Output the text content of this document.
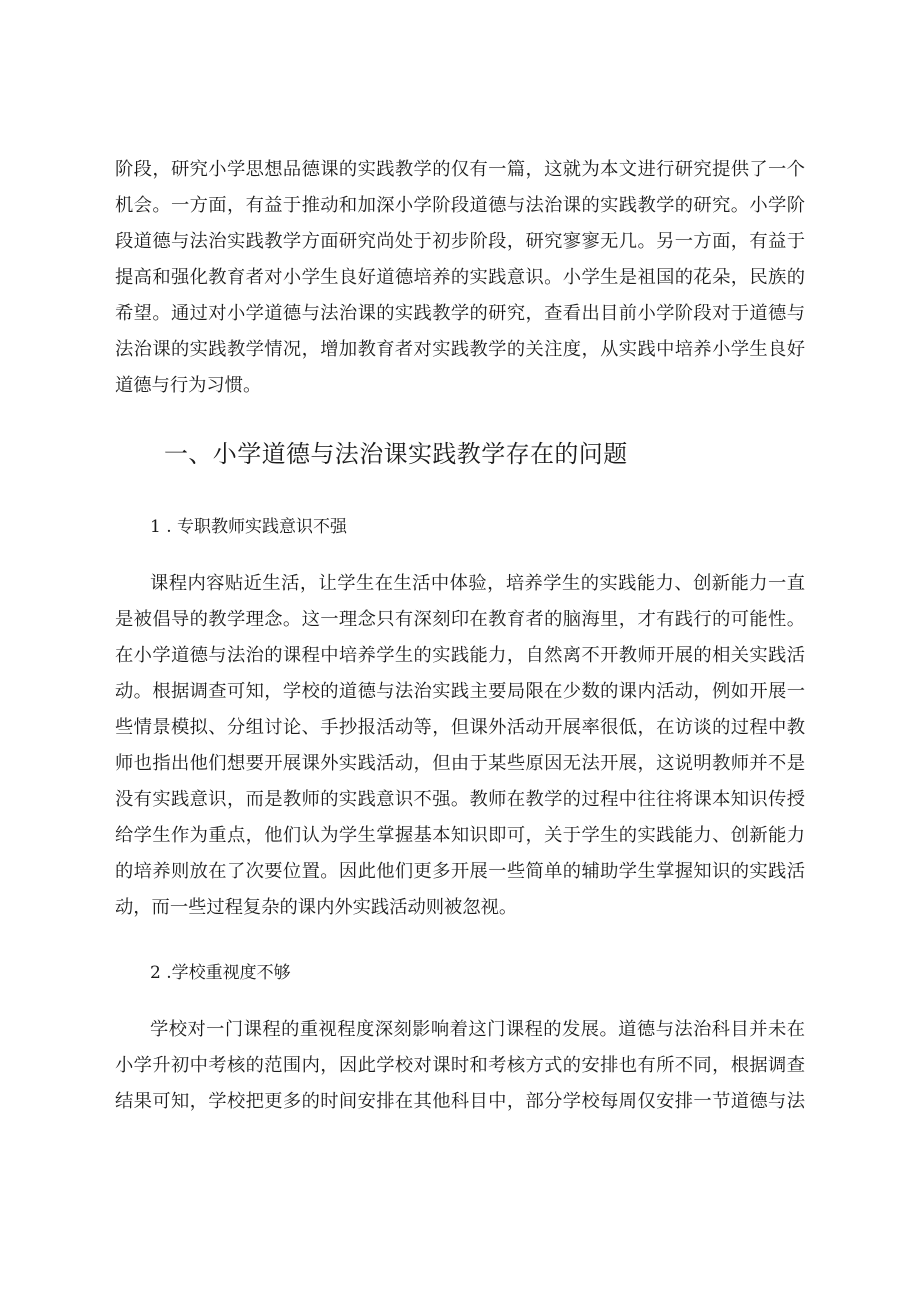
阶段，研究小学思想品德课的实践教学的仅有一篇，这就为本文进行研究提供了一个
机会。一方面，有益于推动和加深小学阶段道德与法治课的实践教学的研究。小学阶
段道德与法治实践教学方面研究尚处于初步阶段，研究寥寥无几。另一方面，有益于
提高和强化教育者对小学生良好道德培养的实践意识。小学生是祖国的花朵，民族的
希望。通过对小学道德与法治课的实践教学的研究，查看出目前小学阶段对于道德与
法治课的实践教学情况，增加教育者对实践教学的关注度，从实践中培养小学生良好
道德与行为习惯。
一、小学道德与法治课实践教学存在的问题
1 . 专职教师实践意识不强
课程内容贴近生活，让学生在生活中体验，培养学生的实践能力、创新能力一直
是被倡导的教学理念。这一理念只有深刻印在教育者的脑海里，才有践行的可能性。
在小学道德与法治的课程中培养学生的实践能力，自然离不开教师开展的相关实践活
动。根据调查可知，学校的道德与法治实践主要局限在少数的课内活动，例如开展一
些情景模拟、分组讨论、手抄报活动等，但课外活动开展率很低，在访谈的过程中教
师也指出他们想要开展课外实践活动，但由于某些原因无法开展，这说明教师并不是
没有实践意识，而是教师的实践意识不强。教师在教学的过程中往往将课本知识传授
给学生作为重点，他们认为学生掌握基本知识即可，关于学生的实践能力、创新能力
的培养则放在了次要位置。因此他们更多开展一些简单的辅助学生掌握知识的实践活
动，而一些过程复杂的课内外实践活动则被忽视。
2 .学校重视度不够
学校对一门课程的重视程度深刻影响着这门课程的发展。道德与法治科目并未在
小学升初中考核的范围内，因此学校对课时和考核方式的安排也有所不同，根据调查
结果可知，学校把更多的时间安排在其他科目中，部分学校每周仅安排一节道德与法
